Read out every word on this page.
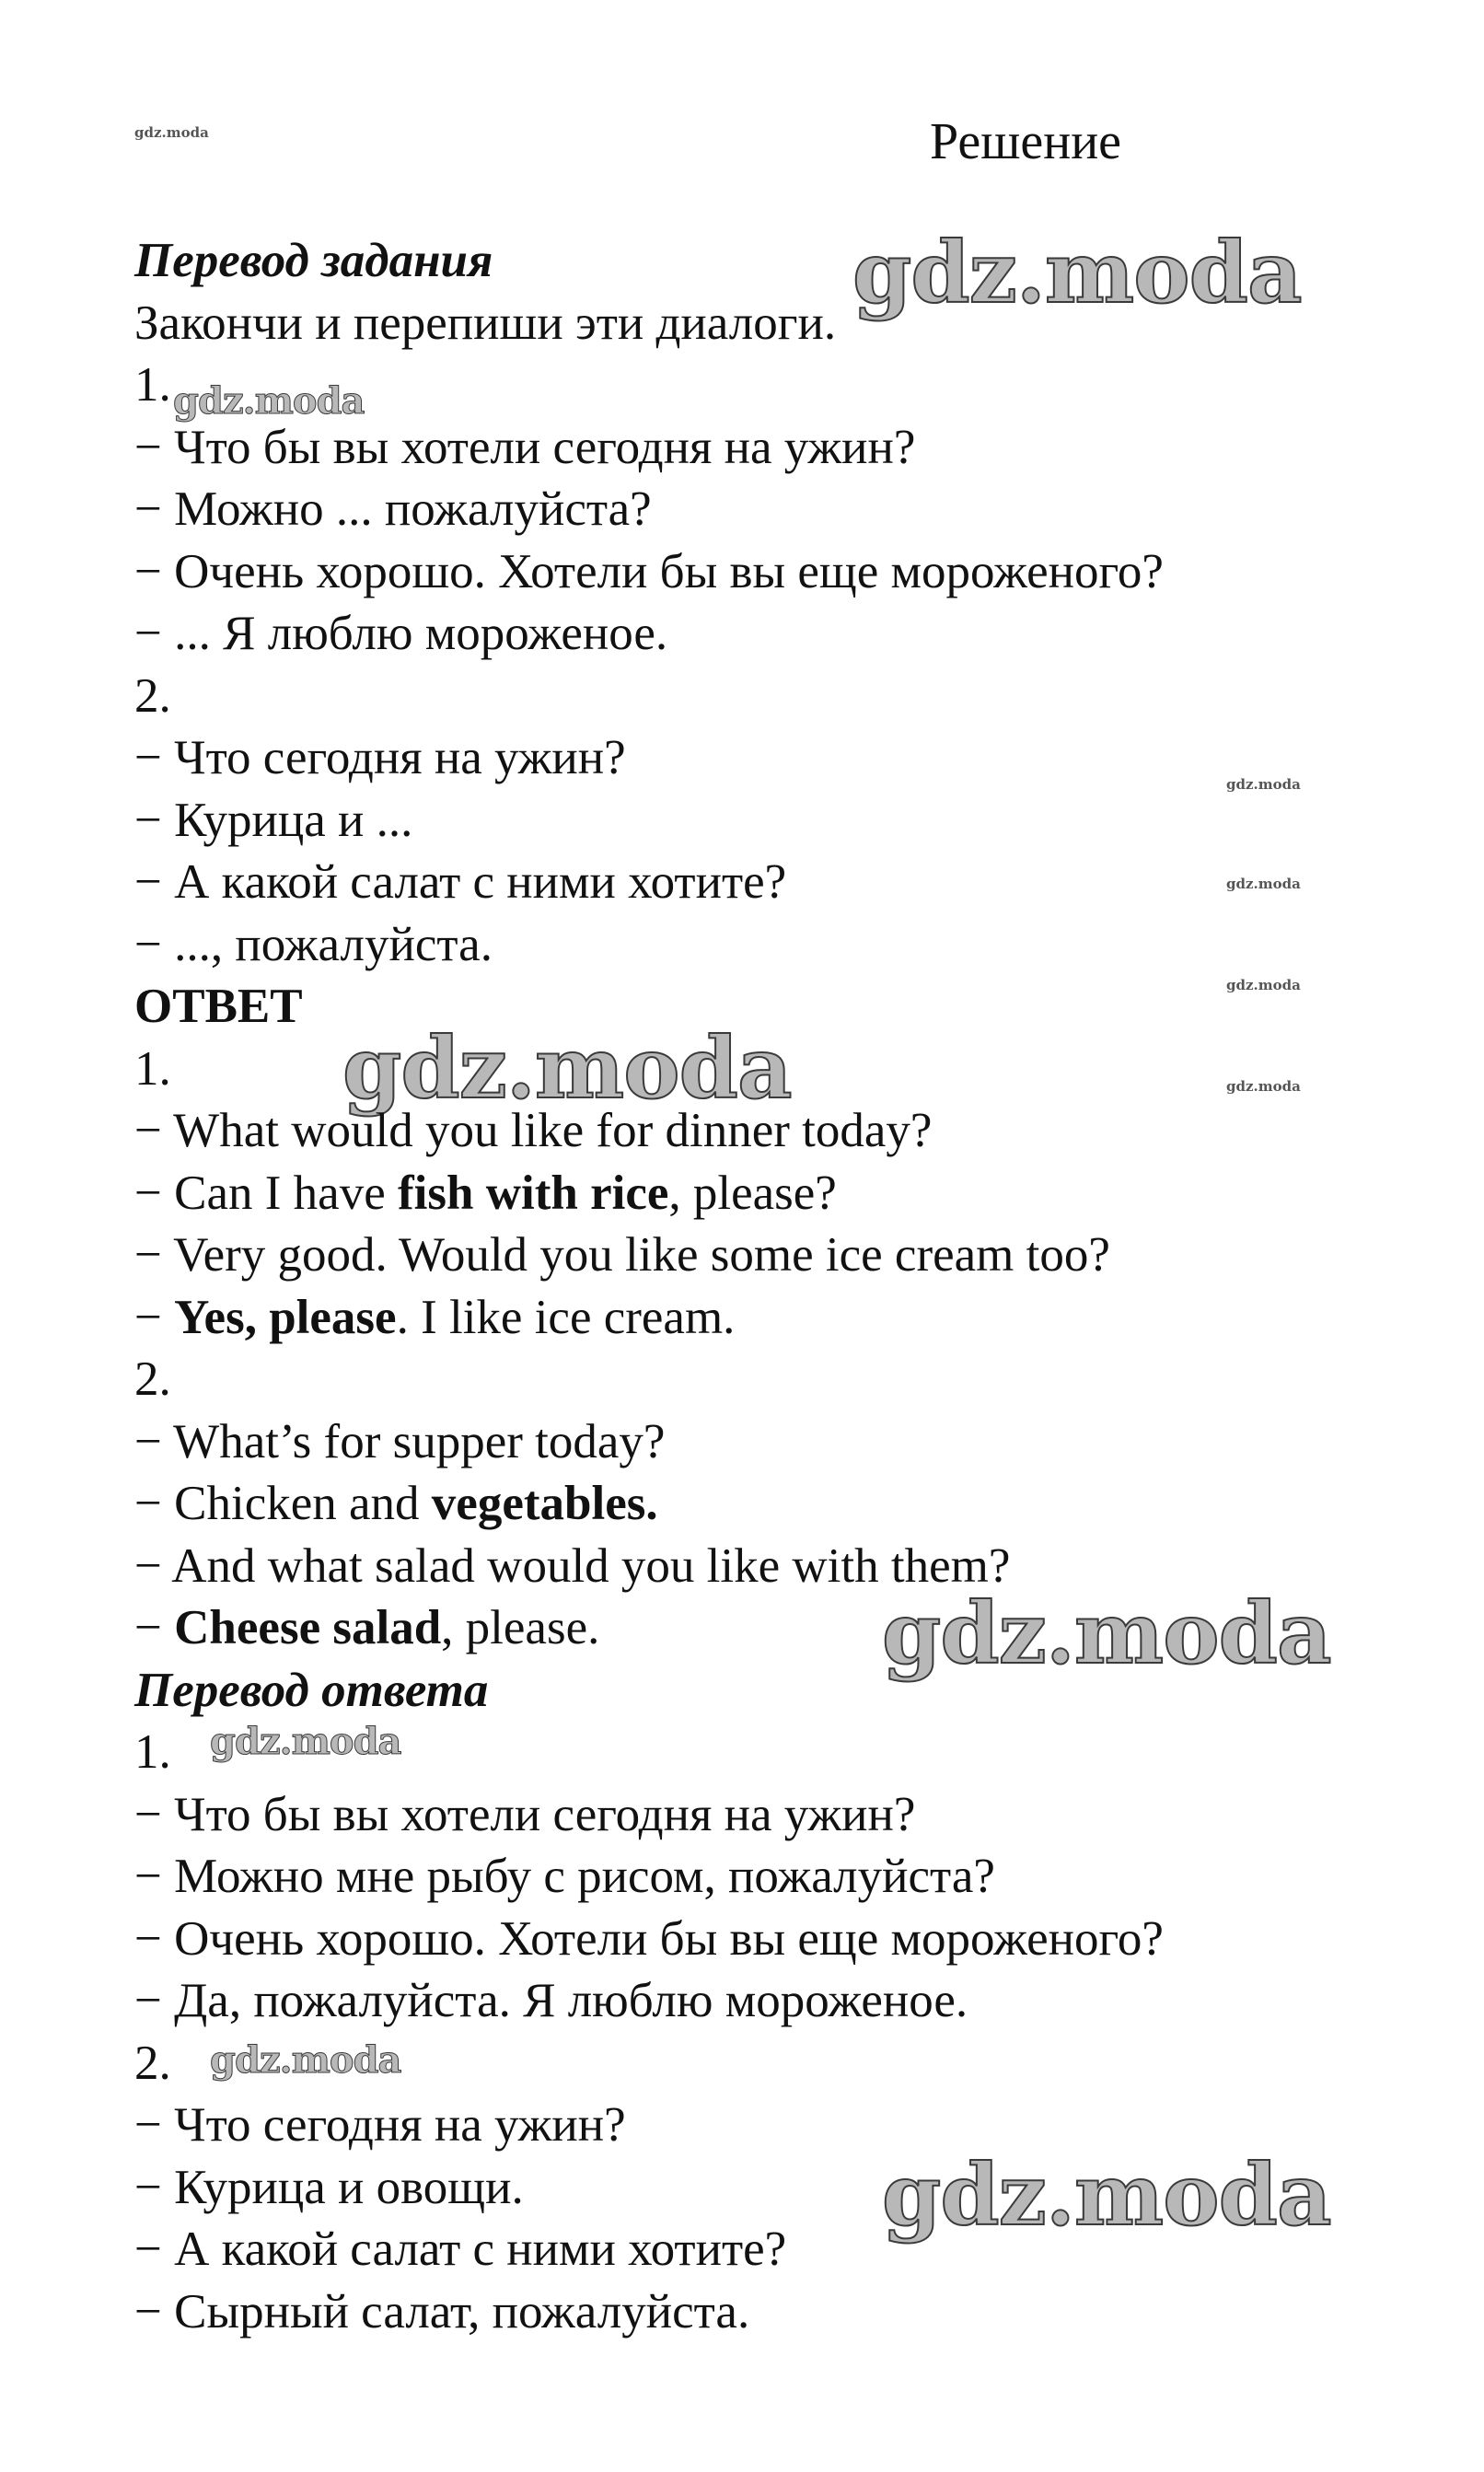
gdz.moda
gdz.moda
gdz.moda
gdz.moda
gdz.moda
gdz.moda
gdz.moda	gdz.moda
gdz.moda
gdz.moda
gdz.moda
gdz.moda
Решение
Перевод задания
Закончи и перепиши эти диалоги.
1.
− Что бы вы хотели сегодня на ужин?
− Можно ... пожалуйста?
− Очень хорошо. Хотели бы вы еще мороженого?
− ... Я люблю мороженое.
2.
− Что сегодня на ужин?
− Курица и ...
− А какой салат с ними хотите?
− ..., пожалуйста.
ОТВЕТ
1.
− What would you like for dinner today?
− Can I have fish with rice, please?
− Very good. Would you like some ice cream too?
− Yes, please. I like ice cream.
2.
− What’s for supper today?
− Chicken and vegetables.
− And what salad would you like with them?
− Cheese salad, please.
Перевод ответа
1.
− Что бы вы хотели сегодня на ужин?
− Можно мне рыбу с рисом, пожалуйста?
− Очень хорошо. Хотели бы вы еще мороженого?
− Да, пожалуйста. Я люблю мороженое.
2.
− Что сегодня на ужин?
− Курица и овощи.
− А какой салат с ними хотите?
− Сырный салат, пожалуйста.
